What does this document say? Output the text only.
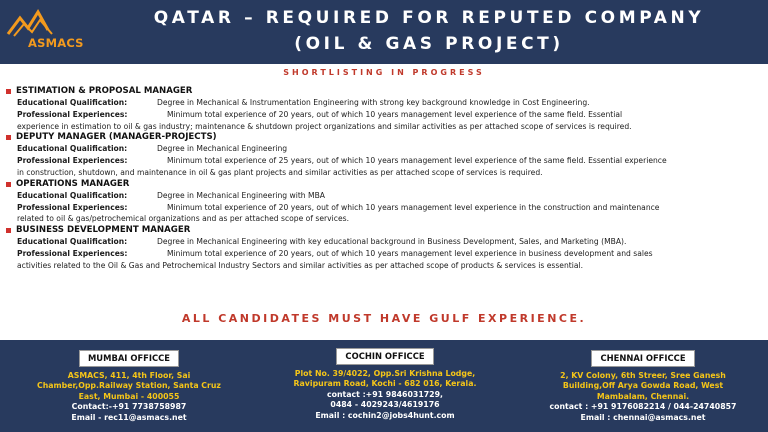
ASMACS
QATAR – REQUIRED FOR REPUTED COMPANY
(OIL & GAS PROJECT)
SHORTLISTING IN PROGRESS
ESTIMATION & PROPOSAL MANAGER
Educational Qualification:	Degree in Mechanical & Instrumentation Engineering with strong key background knowledge in Cost Engineering.
Professional Experiences:	Minimum total experience of 20 years, out of which 10 years management level experience of the same field. Essential
experience in estimation to oil & gas industry; maintenance & shutdown project organizations and similar activities as per attached scope of services is required.
DEPUTY MANAGER (MANAGER-PROJECTS)
Educational Qualification:	Degree in Mechanical Engineering
Professional Experiences:	Minimum total experience of 25 years, out of which 10 years management level experience of the same field. Essential experience
in construction, shutdown, and maintenance in oil & gas plant projects and similar activities as per attached scope of services is required.
OPERATIONS MANAGER
Educational Qualification:	Degree in Mechanical Engineering with MBA
Professional Experiences:	Minimum total experience of 20 years, out of which 10 years management level experience in the construction and maintenance
related to oil & gas/petrochemical organizations and as per attached scope of services.
BUSINESS DEVELOPMENT MANAGER
Educational Qualification:	Degree in Mechanical Engineering with key educational background in Business Development, Sales, and Marketing (MBA).
Professional Experiences:	Minimum total experience of 20 years, out of which 10 years management level experience in business development and sales
activities related to the Oil & Gas and Petrochemical Industry Sectors and similar activities as per attached scope of products & services is essential.
ALL CANDIDATES MUST HAVE GULF EXPERIENCE.
MUMBAI OFFICCE
ASMACS, 411, 4th Floor, Sai
Chamber,Opp.Railway Station, Santa Cruz
East, Mumbai - 400055
Contact:-+91 7738758987
Email - rec11@asmacs.net
COCHIN OFFICCE
Plot No. 39/4022, Opp.Sri Krishna Lodge,
Ravipuram Road, Kochi - 682 016, Kerala.
contact :+91 9846031729,
0484 - 4029243/4619176
Email : cochin2@jobs4hunt.com
CHENNAI OFFICCE
2, KV Colony, 6th Streer, Sree Ganesh
Building,Off Arya Gowda Road, West
Mambalam, Chennai.
contact : +91 9176082214 / 044-24740857
Email : chennai@asmacs.net
